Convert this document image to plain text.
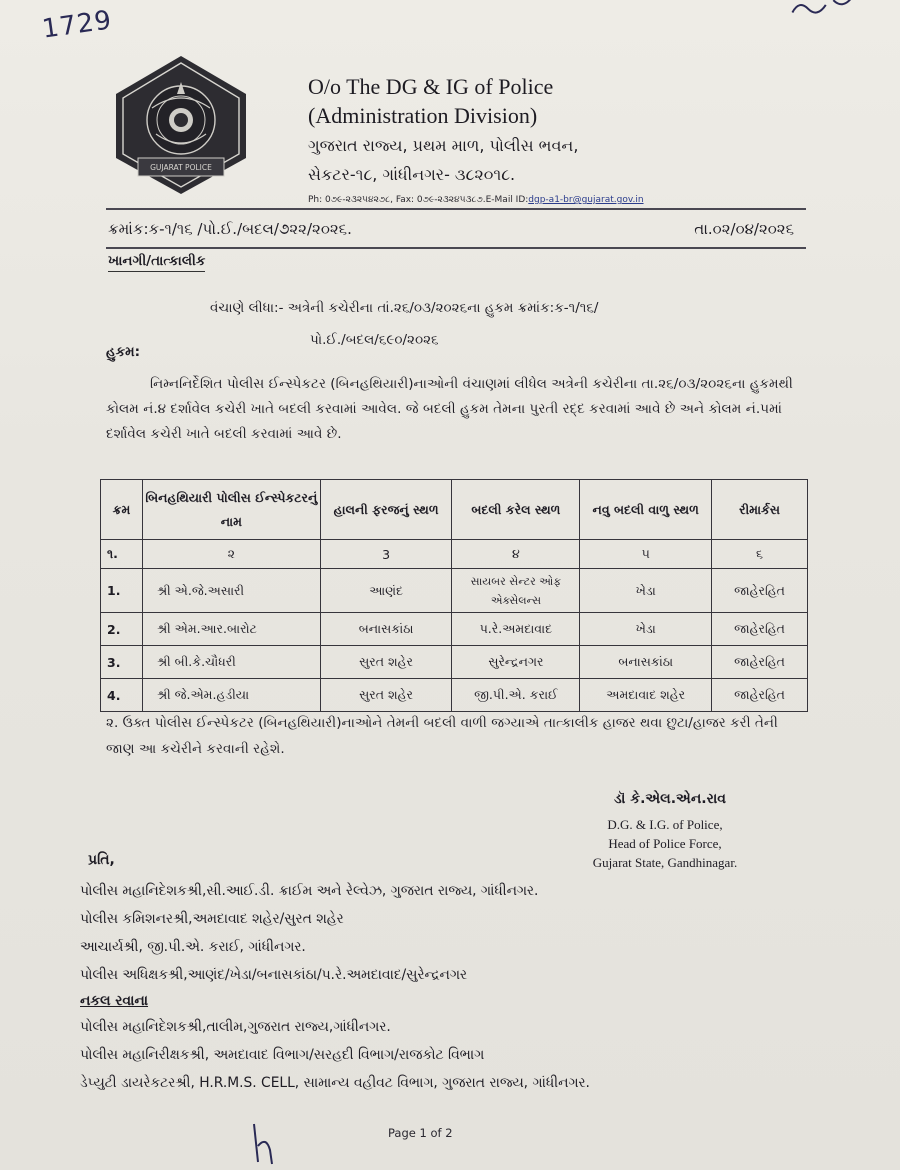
1729
GUJARAT POLICE
O/o The DG & IG of Police
(Administration Division)
ગુજરાત રાજ્ય, પ્રથમ માળ, પોલીસ ભવન,
સેકટર-૧૮, ગાંધીનગર- ૩૮૨૦૧૮.
Ph: 0૭૯-૨૩૨૫૪૨૭૮, Fax: 0૭૯-૨૩૨૪૫૩૮૭.E-Mail ID:dgp-a1-br@gujarat.gov.in
ક્રમાંક:ક-૧/૧૬ /પો.ઈ./બદલ/૭૨૨/૨૦૨૬.	તા.૦૨/૦૪/૨૦૨૬
ખાનગી/તાત્કાલીક
વંચાણે લીધા:- અત્રેની કચેરીના તાં.૨૬/૦૩/૨૦૨૬ના હુકમ ક્રમાંક:ક-૧/૧૬/
પો.ઈ./બદલ/૬૯૦/૨૦૨૬
હુકમ:
નિમ્નનિર્દેશિત પોલીસ ઈન્સ્પેકટર (બિનહથિયારી)નાઓની વંચાણમાં લીધેલ અત્રેની કચેરીના તા.૨૬/૦૩/૨૦૨૬ના હુકમથી કોલમ નં.૪ દર્શાવેલ કચેરી ખાતે બદલી કરવામાં આવેલ. જે બદલી હુકમ તેમના પુરતી રદ્દ કરવામાં આવે છે અને કોલમ નં.૫માં દર્શાવેલ કચેરી ખાતે બદલી કરવામાં આવે છે.
ક્રમ	બિનહથિયારી પોલીસ ઈન્સ્પેકટરનું નામ	હાલની ફરજનું સ્થળ	બદલી કરેલ સ્થળ	નવુ બદલી વાળુ સ્થળ	રીમાર્કસ
૧.	૨	3	૪	૫	૬
1.	શ્રી એ.જે.અસારી	આણંદ	સાયબર સેન્ટર ઓફ એક્સેલન્સ	ખેડા	જાહેરહિત
2.	શ્રી એમ.આર.બારોટ	બનાસકાંઠા	પ.રે.અમદાવાદ	ખેડા	જાહેરહિત
3.	શ્રી બી.કે.ચૌધરી	સુરત શહેર	સુરેન્દ્રનગર	બનાસકાંઠા	જાહેરહિત
4.	શ્રી જે.એમ.હડીયા	સુરત શહેર	જી.પી.એ. કરાઈ	અમદાવાદ શહેર	જાહેરહિત
૨. ઉક્ત પોલીસ ઈન્સ્પેકટર (બિનહથિયારી)નાઓને તેમની બદલી વાળી જગ્યાએ તાત્કાલીક હાજર થવા છુટા/હાજર કરી તેની જાણ આ કચેરીને કરવાની રહેશે.
ડૉ કે.એલ.એન.રાવ
D.G. & I.G. of Police,
Head of Police Force,
Gujarat State, Gandhinagar.
પ્રતિ,
પોલીસ મહાનિદેશકશ્રી,સી.આઈ.ડી. ક્રાઈમ અને રેલ્વેઝ, ગુજરાત રાજ્ય, ગાંધીનગર.
પોલીસ કમિશનરશ્રી,અમદાવાદ શહેર/સુરત શહેર
આચાર્યશ્રી, જી.પી.એ. કરાઈ, ગાંધીનગર.
પોલીસ અધિક્ષકશ્રી,આણંદ/ખેડા/બનાસકાંઠા/પ.રે.અમદાવાદ/સુરેન્દ્રનગર
નકલ રવાના
પોલીસ મહાનિદેશકશ્રી,તાલીમ,ગુજરાત રાજ્ય,ગાંધીનગર.
પોલીસ મહાનિરીક્ષકશ્રી, અમદાવાદ વિભાગ/સરહદી વિભાગ/રાજકોટ વિભાગ
ડેપ્યુટી ડાયરેકટરશ્રી, H.R.M.S. CELL, સામાન્ય વહીવટ વિભાગ, ગુજરાત રાજ્ય, ગાંધીનગર.
Page 1 of 2
